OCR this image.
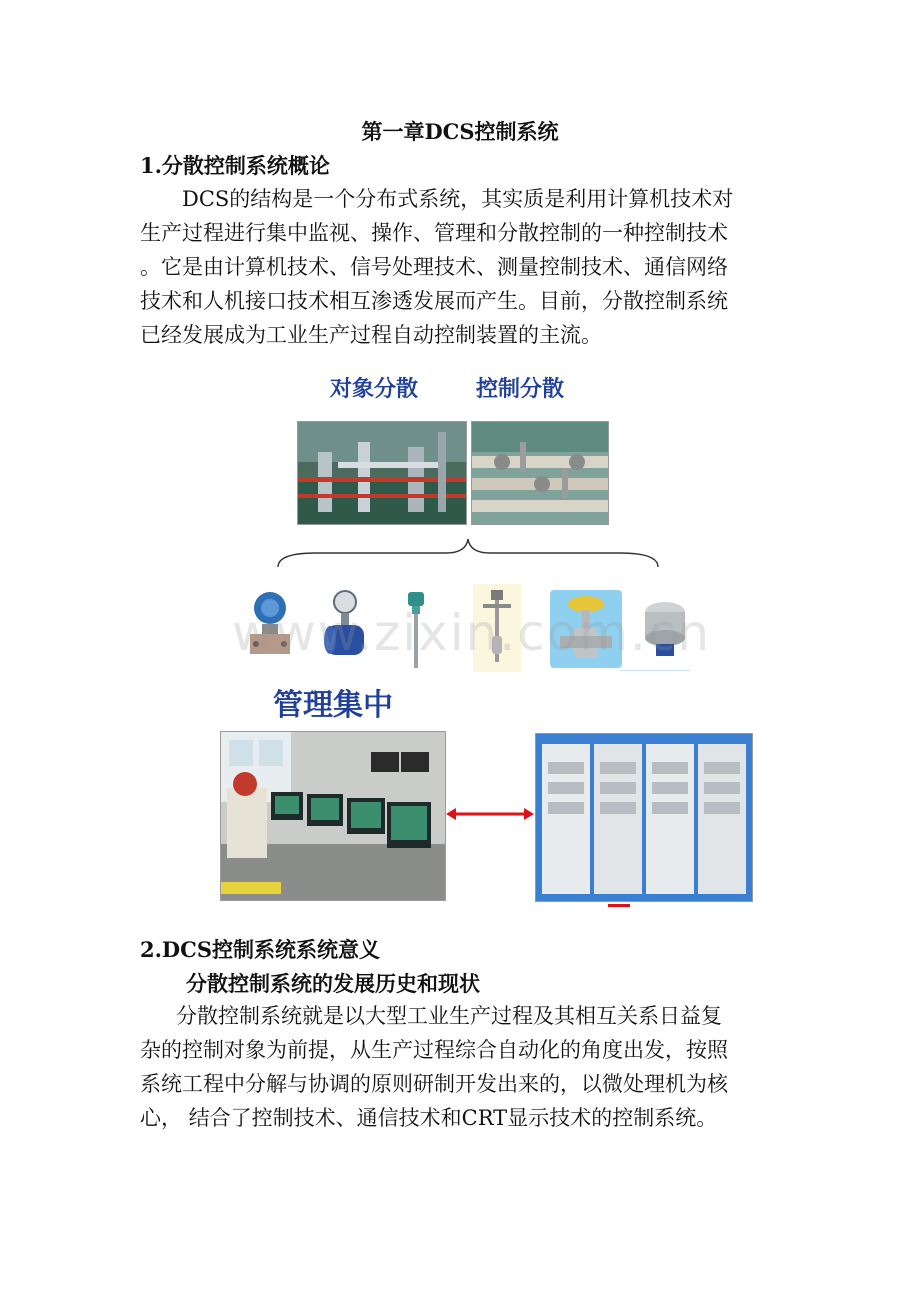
第一章DCS控制系统
1.分散控制系统概论
DCS的结构是一个分布式系统，其实质是利用计算机技术对
生产过程进行集中监视、操作、管理和分散控制的一种控制技术
。它是由计算机技术、信号处理技术、测量控制技术、通信网络
技术和人机接口技术相互渗透发展而产生。目前，分散控制系统
已经发展成为工业生产过程自动控制装置的主流。
对象分散	控制分散
www.zixin.com.cn
管理集中
2.DCS控制系统系统意义
分散控制系统的发展历史和现状
分散控制系统就是以大型工业生产过程及其相互关系日益复
杂的控制对象为前提，从生产过程综合自动化的角度出发，按照
系统工程中分解与协调的原则研制开发出来的，以微处理机为核
心， 结合了控制技术、通信技术和CRT显示技术的控制系统。
